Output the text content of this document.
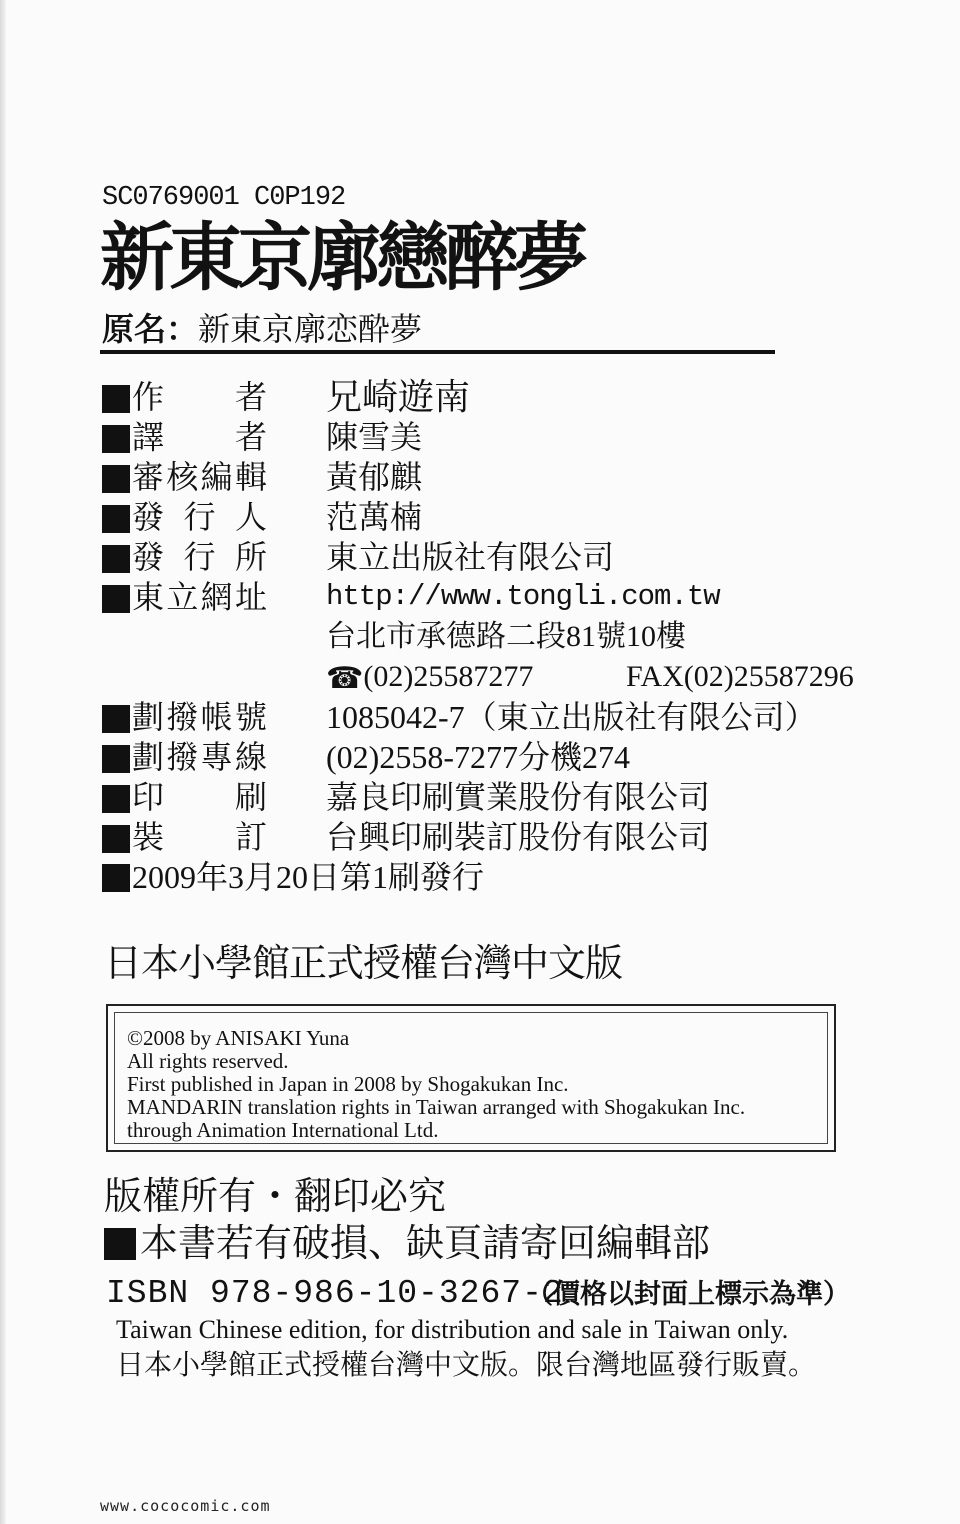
SC0769001 C0P192
新東京廓戀醉夢
原名：新東京廓恋酔夢
作者 兄崎遊南
譯者 陳雪美
審核編輯 黃郁麒
發行人 范萬楠
發行所 東立出版社有限公司
東立網址 http://www.tongli.com.tw
台北市承德路二段81號10樓
☎(02)25587277	FAX(02)25587296
劃撥帳號 1085042-7（東立出版社有限公司）
劃撥專線 (02)2558-7277分機274
印刷 嘉良印刷實業股份有限公司
裝訂 台興印刷裝訂股份有限公司
2009年3月20日第1刷發行
日本小學館正式授權台灣中文版
©2008 by ANISAKI Yuna
All rights reserved.
First published in Japan in 2008 by Shogakukan Inc.
MANDARIN translation rights in Taiwan arranged with Shogakukan Inc.
through Animation International Ltd.
版權所有・翻印必究
本書若有破損、缺頁請寄回編輯部
ISBN 978-986-10-3267-2
（價格以封面上標示為準）
Taiwan Chinese edition, for distribution and sale in Taiwan only.
日本小學館正式授權台灣中文版。限台灣地區發行販賣。
www.cococomic.com
